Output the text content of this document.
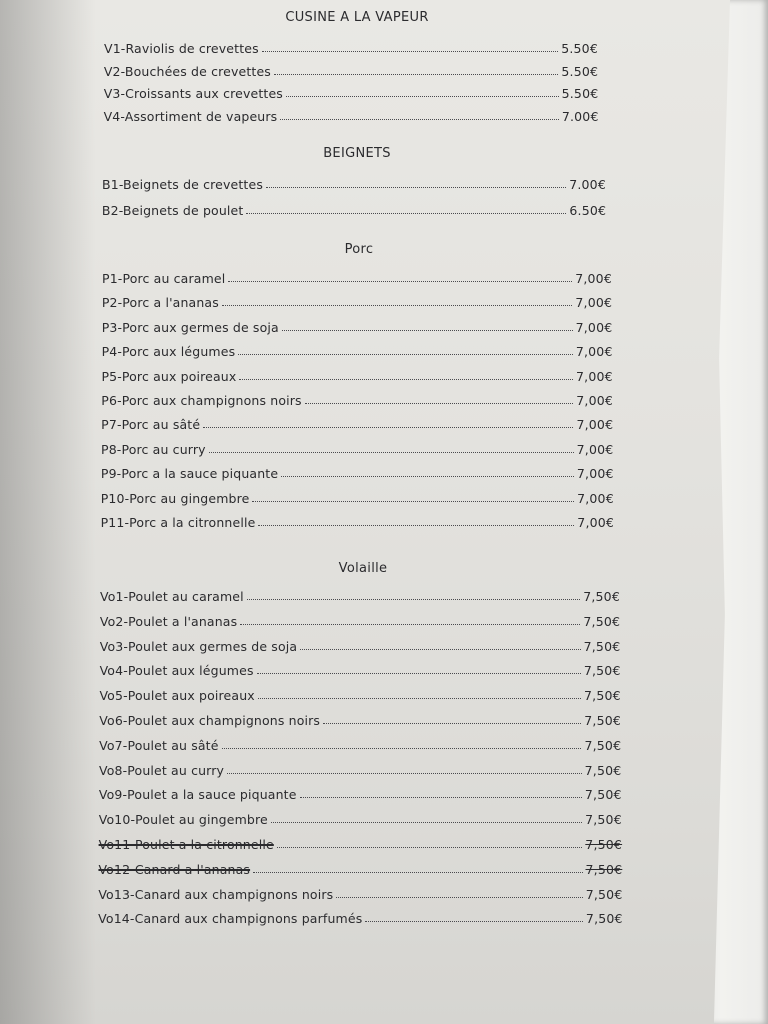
CUSINE A LA VAPEUR
V1-Raviolis de crevettes	5.50€
V2-Bouchées de crevettes	5.50€
V3-Croissants aux crevettes	5.50€
V4-Assortiment de vapeurs	7.00€
BEIGNETS
B1-Beignets de crevettes	7.00€
B2-Beignets de poulet	6.50€
Porc
P1-Porc au caramel	7,00€
P2-Porc a l'ananas	7,00€
P3-Porc aux germes de soja	7,00€
P4-Porc aux légumes	7,00€
P5-Porc aux poireaux	7,00€
P6-Porc aux champignons noirs	7,00€
P7-Porc au sâté	7,00€
P8-Porc au curry	7,00€
P9-Porc a la sauce piquante	7,00€
P10-Porc au gingembre	7,00€
P11-Porc a la citronnelle	7,00€
Volaille
Vo1-Poulet au caramel	7,50€
Vo2-Poulet a l'ananas	7,50€
Vo3-Poulet aux germes de soja	7,50€
Vo4-Poulet aux légumes	7,50€
Vo5-Poulet aux poireaux	7,50€
Vo6-Poulet aux champignons noirs	7,50€
Vo7-Poulet au sâté	7,50€
Vo8-Poulet au curry	7,50€
Vo9-Poulet a la sauce piquante	7,50€
Vo10-Poulet au gingembre	7,50€
Vo11-Poulet a la citronnelle	7,50€
Vo12-Canard a l'ananas	7,50€
Vo13-Canard aux champignons noirs	7,50€
Vo14-Canard aux champignons parfumés	7,50€
